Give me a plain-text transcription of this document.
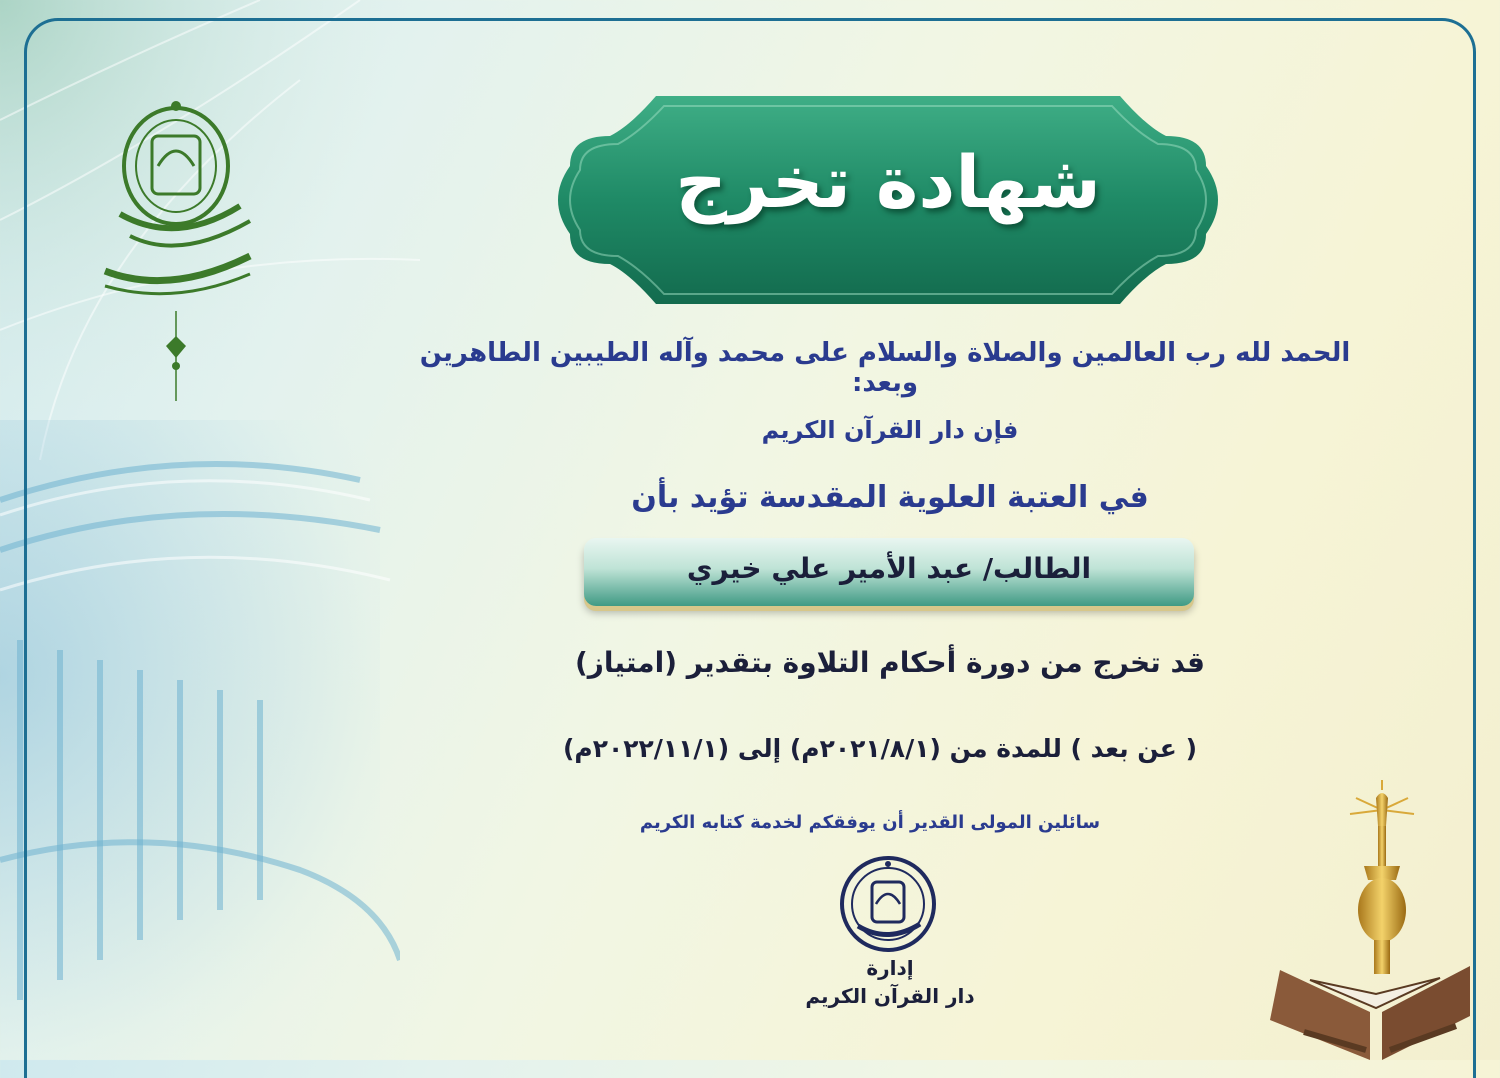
شهادة تخرج
الحمد لله رب العالمين والصلاة والسلام على محمد وآله الطيبين الطاهرين وبعد:
فإن دار القرآن الكريم
في العتبة العلوية المقدسة تؤيد بأن
الطالب/ عبد الأمير علي خيري
قد تخرج من دورة أحكام التلاوة بتقدير (امتياز)
( عن بعد ) للمدة من (٢٠٢١/٨/١م) إلى (٢٠٢٢/١١/١م)
سائلين المولى القدير أن يوفقكم لخدمة كتابه الكريم
إدارة
دار القرآن الكريم
